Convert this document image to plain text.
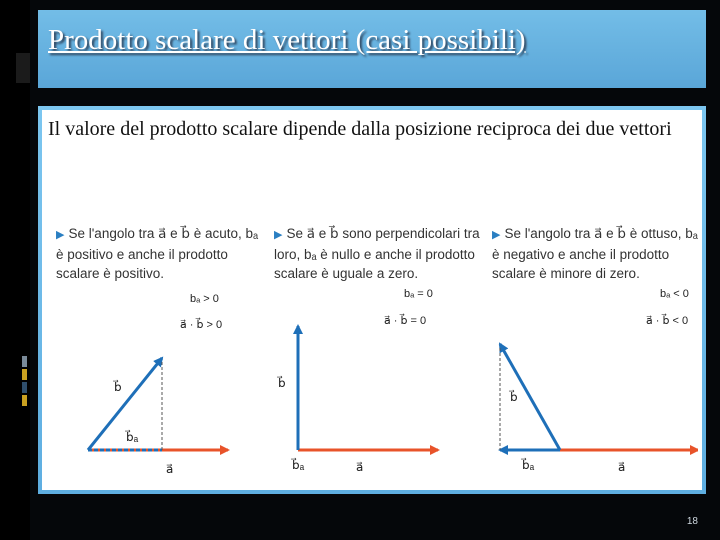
Prodotto scalare di vettori (casi possibili)
Il valore del prodotto scalare dipende dalla posizione reciproca dei due vettori
▶ Se l'angolo tra a⃗ e b⃗ è acuto, bₐ è positivo e anche il prodotto scalare è positivo.
bₐ > 0
a⃗ · b⃗ > 0
b⃗
b⃗ₐ
a⃗
▶ Se a⃗ e b⃗ sono perpendicolari tra loro, bₐ è nullo e anche il prodotto scalare è uguale a zero.
bₐ = 0
a⃗ · b⃗ = 0
b⃗
b⃗ₐ	a⃗
▶ Se l'angolo tra a⃗ e b⃗ è ottuso, bₐ è negativo e anche il prodotto scalare è minore di zero.
bₐ < 0
a⃗ · b⃗ < 0
b⃗
b⃗ₐ	a⃗
18
